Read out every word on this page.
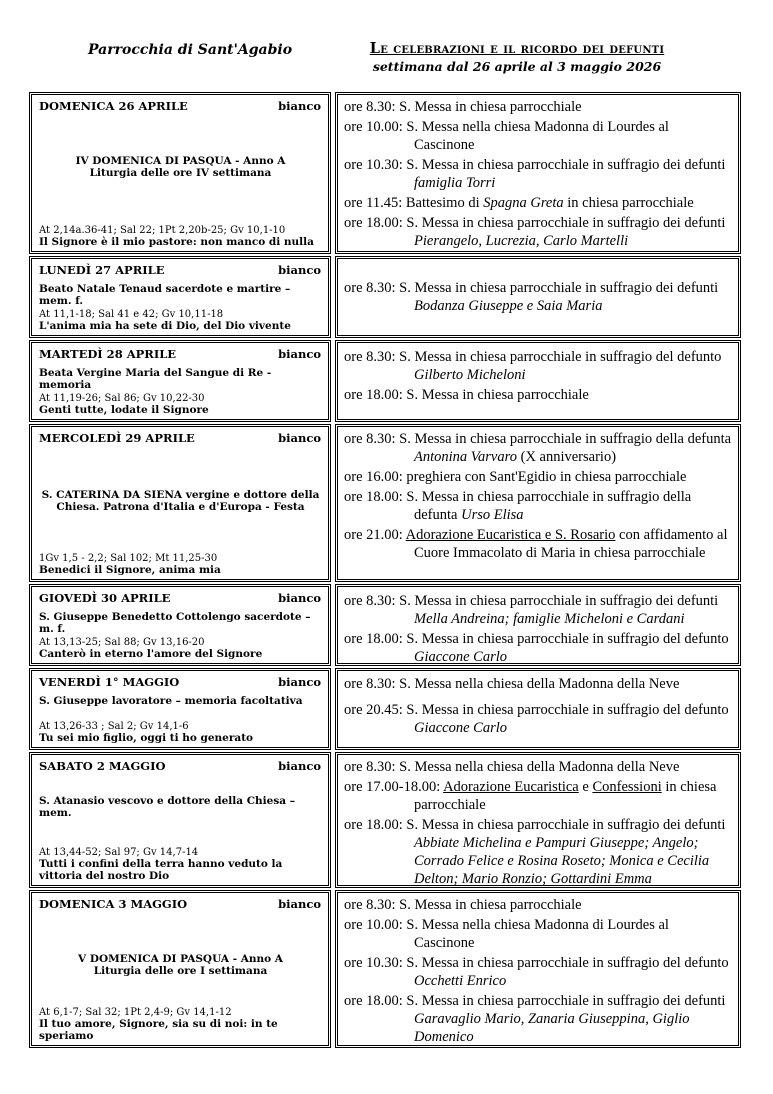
Parrocchia di Sant'Agabio	Le celebrazioni e il ricordo dei defunti
settimana dal 26 aprile al 3 maggio 2026
DOMENICA 26 APRILE	bianco
IV DOMENICA DI PASQUA - Anno A
Liturgia delle ore IV settimana
At 2,14a.36-41; Sal 22; 1Pt 2,20b-25; Gv 10,1-10
Il Signore è il mio pastore: non manco di nulla
ore 8.30: S. Messa in chiesa parrocchiale
ore 10.00: S. Messa nella chiesa Madonna di Lourdes al Cascinone
ore 10.30: S. Messa in chiesa parrocchiale in suffragio dei defunti famiglia Torri
ore 11.45: Battesimo di Spagna Greta in chiesa parrocchiale
ore 18.00: S. Messa in chiesa parrocchiale in suffragio dei defunti Pierangelo, Lucrezia, Carlo Martelli
LUNEDÌ 27 APRILE	bianco
Beato Natale Tenaud sacerdote e martire – mem. f.
At 11,1-18; Sal 41 e 42; Gv 10,11-18
L'anima mia ha sete di Dio, del Dio vivente
ore 8.30: S. Messa in chiesa parrocchiale in suffragio dei defunti Bodanza Giuseppe e Saia Maria
MARTEDÌ 28 APRILE	bianco
Beata Vergine Maria del Sangue di Re - memoria
At 11,19-26; Sal 86; Gv 10,22-30
Genti tutte, lodate il Signore
ore 8.30: S. Messa in chiesa parrocchiale in suffragio del defunto Gilberto Micheloni
ore 18.00: S. Messa in chiesa parrocchiale
MERCOLEDÌ 29 APRILE	bianco
S. CATERINA DA SIENA vergine e dottore della Chiesa. Patrona d'Italia e d'Europa - Festa
1Gv 1,5 - 2,2; Sal 102; Mt 11,25-30
Benedici il Signore, anima mia
ore 8.30: S. Messa in chiesa parrocchiale in suffragio della defunta Antonina Varvaro (X anniversario)
ore 16.00: preghiera con Sant'Egidio in chiesa parrocchiale
ore 18.00: S. Messa in chiesa parrocchiale in suffragio della defunta Urso Elisa
ore 21.00: Adorazione Eucaristica e S. Rosario con affidamento al Cuore Immacolato di Maria in chiesa parrocchiale
GIOVEDÌ 30 APRILE	bianco
S. Giuseppe Benedetto Cottolengo sacerdote – m. f.
At 13,13-25; Sal 88; Gv 13,16-20
Canterò in eterno l'amore del Signore
ore 8.30: S. Messa in chiesa parrocchiale in suffragio dei defunti Mella Andreina; famiglie Micheloni e Cardani
ore 18.00: S. Messa in chiesa parrocchiale in suffragio del defunto Giaccone Carlo
VENERDÌ 1° MAGGIO	bianco
S. Giuseppe lavoratore – memoria facoltativa
At 13,26-33 ; Sal 2; Gv 14,1-6
Tu sei mio figlio, oggi ti ho generato
ore 8.30: S. Messa nella chiesa della Madonna della Neve
ore 20.45: S. Messa in chiesa parrocchiale in suffragio del defunto Giaccone Carlo
SABATO 2 MAGGIO	bianco
S. Atanasio vescovo e dottore della Chiesa – mem.
At 13,44-52; Sal 97; Gv 14,7-14
Tutti i confini della terra hanno veduto la vittoria del nostro Dio
ore 8.30: S. Messa nella chiesa della Madonna della Neve
ore 17.00-18.00: Adorazione Eucaristica e Confessioni in chiesa parrocchiale
ore 18.00: S. Messa in chiesa parrocchiale in suffragio dei defunti Abbiate Michelina e Pampuri Giuseppe; Angelo; Corrado Felice e Rosina Roseto; Monica e Cecilia Delton; Mario Ronzio; Gottardini Emma
DOMENICA 3 MAGGIO	bianco
V DOMENICA DI PASQUA - Anno A
Liturgia delle ore I settimana
At 6,1-7; Sal 32; 1Pt 2,4-9; Gv 14,1-12
Il tuo amore, Signore, sia su di noi: in te speriamo
ore 8.30: S. Messa in chiesa parrocchiale
ore 10.00: S. Messa nella chiesa Madonna di Lourdes al Cascinone
ore 10.30: S. Messa in chiesa parrocchiale in suffragio del defunto Occhetti Enrico
ore 18.00: S. Messa in chiesa parrocchiale in suffragio dei defunti Garavaglio Mario, Zanaria Giuseppina, Giglio Domenico
